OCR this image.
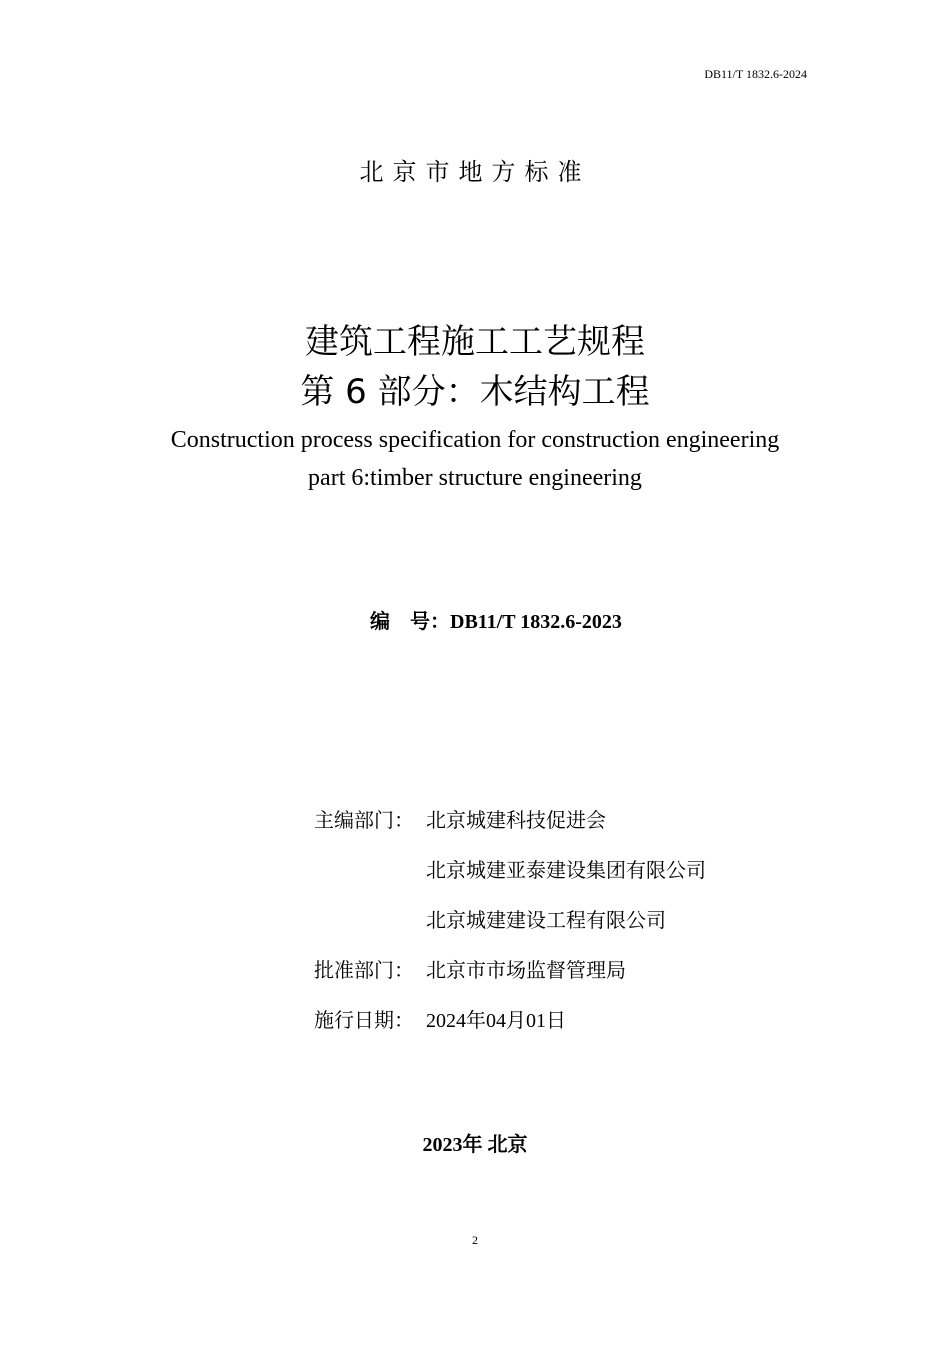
DB11/T 1832.6-2024
北京市地方标准
建筑工程施工工艺规程
第 6 部分：木结构工程
Construction process specification for construction engineering
part 6:timber structure engineering
编　号：DB11/T 1832.6-2023
主编部门： 北京城建科技促进会
北京城建亚泰建设集团有限公司
北京城建建设工程有限公司
批准部门： 北京市市场监督管理局
施行日期： 2024年04月01日
2023年 北京
2
